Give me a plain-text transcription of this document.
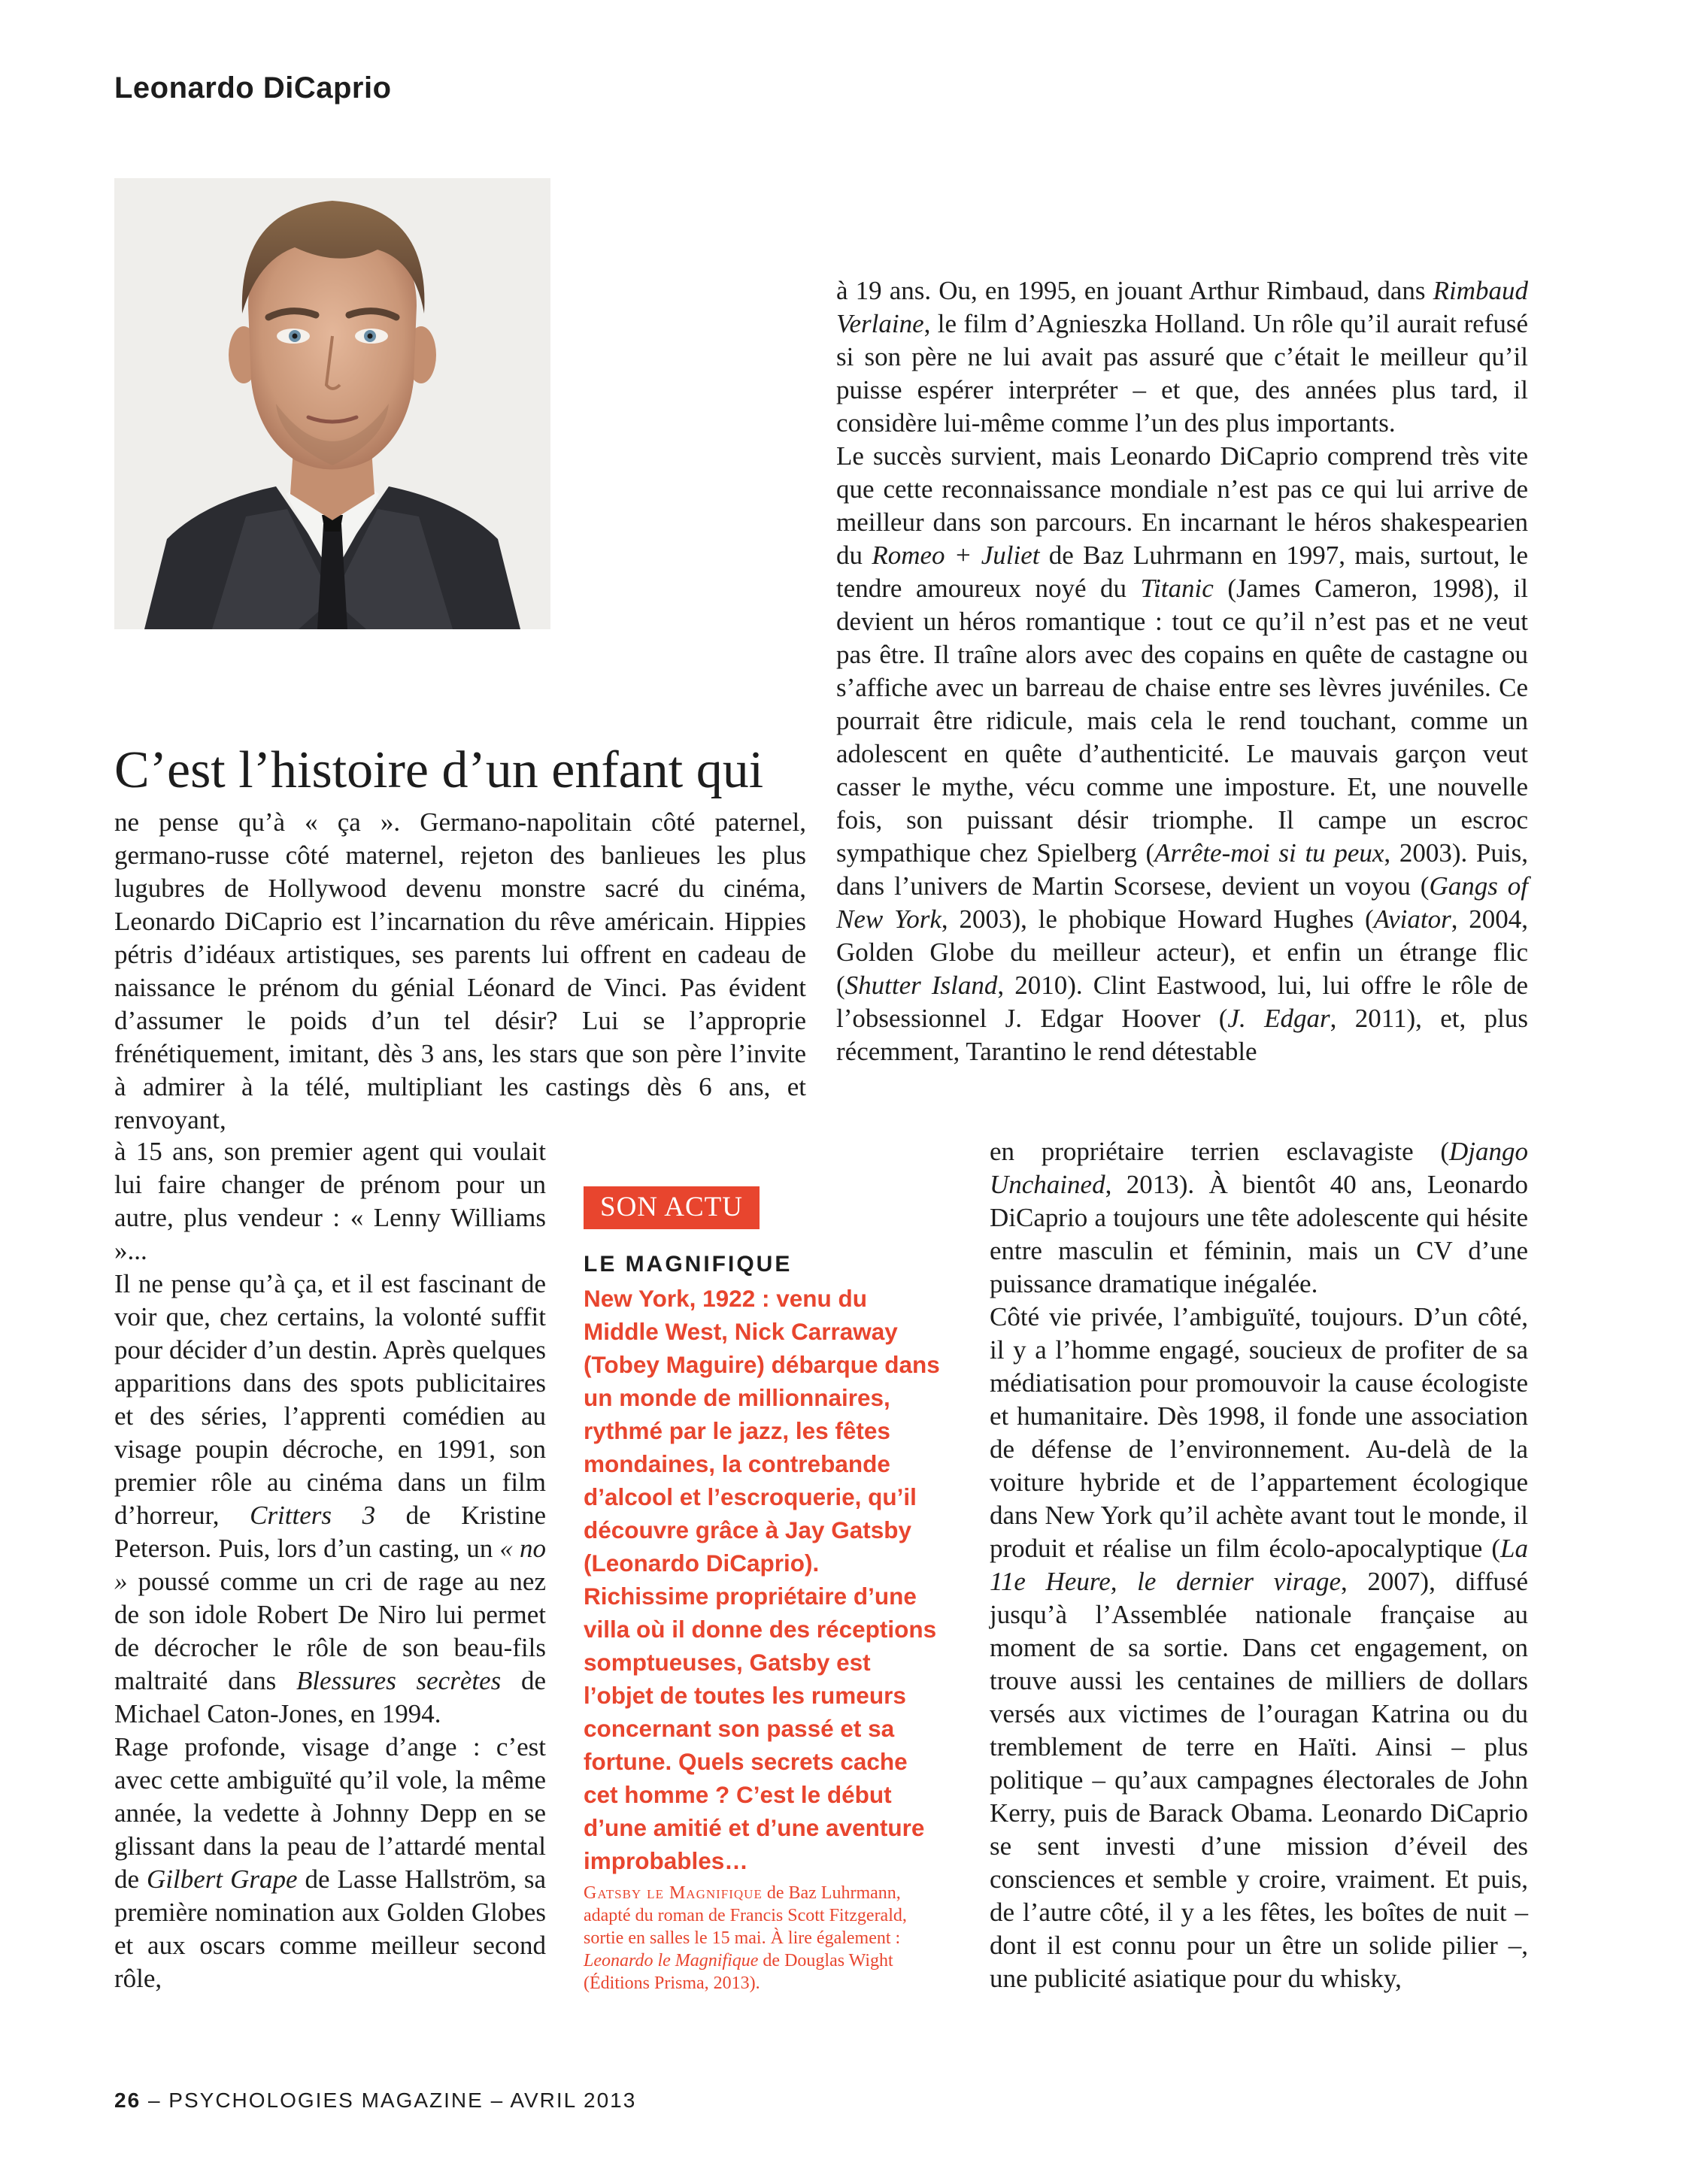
Leonardo DiCaprio
C’est l’histoire d’un enfant qui

ne pense qu’à « ça ». Germano-napolitain côté paternel, germano-russe côté maternel, rejeton des banlieues les plus lugubres de Hollywood devenu monstre sacré du cinéma, Leonardo DiCaprio est l’incarnation du rêve américain. Hippies pétris d’idéaux artistiques, ses parents lui offrent en cadeau de naissance le prénom du génial Léonard de Vinci. Pas évident d’assumer le poids d’un tel désir? Lui se l’approprie frénétiquement, imitant, dès 3 ans, les stars que son père l’invite à admirer à la télé, multipliant les castings dès 6 ans, et renvoyant,

à 15 ans, son premier agent qui voulait lui faire changer de prénom pour un autre, plus vendeur : « Lenny Williams »...

Il ne pense qu’à ça, et il est fascinant de voir que, chez certains, la volonté suffit pour décider d’un destin. Après quelques apparitions dans des spots publicitaires et des séries, l’apprenti comédien au visage poupin décroche, en 1991, son premier rôle au cinéma dans un film d’horreur, Critters 3 de Kristine Peterson. Puis, lors d’un casting, un « no » poussé comme un cri de rage au nez de son idole Robert De Niro lui permet de décrocher le rôle de son beau-fils maltraité dans Blessures secrètes de Michael Caton-Jones, en 1994.

Rage profonde, visage d’ange : c’est avec cette ambiguïté qu’il vole, la même année, la vedette à Johnny Depp en se glissant dans la peau de l’attardé mental de Gilbert Grape de Lasse Hallström, sa première nomination aux Golden Globes et aux oscars comme meilleur second rôle,

à 19 ans. Ou, en 1995, en jouant Arthur Rimbaud, dans Rimbaud Verlaine, le film d’Agnieszka Holland. Un rôle qu’il aurait refusé si son père ne lui avait pas assuré que c’était le meilleur qu’il puisse espérer interpréter – et que, des années plus tard, il considère lui-même comme l’un des plus importants.

Le succès survient, mais Leonardo DiCaprio comprend très vite que cette reconnaissance mondiale n’est pas ce qui lui arrive de meilleur dans son parcours. En incarnant le héros shakespearien du Romeo + Juliet de Baz Luhrmann en 1997, mais, surtout, le tendre amoureux noyé du Titanic (James Cameron, 1998), il devient un héros romantique : tout ce qu’il n’est pas et ne veut pas être. Il traîne alors avec des copains en quête de castagne ou s’affiche avec un barreau de chaise entre ses lèvres juvéniles. Ce pourrait être ridicule, mais cela le rend touchant, comme un adolescent en quête d’authenticité. Le mauvais garçon veut casser le mythe, vécu comme une imposture. Et, une nouvelle fois, son puissant désir triomphe. Il campe un escroc sympathique chez Spielberg (Arrête-moi si tu peux, 2003). Puis, dans l’univers de Martin Scorsese, devient un voyou (Gangs of New York, 2003), le phobique Howard Hughes (Aviator, 2004, Golden Globe du meilleur acteur), et enfin un étrange flic (Shutter Island, 2010). Clint Eastwood, lui, lui offre le rôle de l’obsessionnel J. Edgar Hoover (J. Edgar, 2011), et, plus récemment, Tarantino le rend détestable

en propriétaire terrien esclavagiste (Django Unchained, 2013). À bientôt 40 ans, Leonardo DiCaprio a toujours une tête adolescente qui hésite entre masculin et féminin, mais un CV d’une puissance dramatique inégalée.

Côté vie privée, l’ambiguïté, toujours. D’un côté, il y a l’homme engagé, soucieux de profiter de sa médiatisation pour promouvoir la cause écologiste et humanitaire. Dès 1998, il fonde une association de défense de l’environnement. Au-delà de la voiture hybride et de l’appartement écologique dans New York qu’il achète avant tout le monde, il produit et réalise un film écolo-apocalyptique (La 11e Heure, le dernier virage, 2007), diffusé jusqu’à l’Assemblée nationale française au moment de sa sortie. Dans cet engagement, on trouve aussi les centaines de milliers de dollars versés aux victimes de l’ouragan Katrina ou du tremblement de terre en Haïti. Ainsi – plus politique – qu’aux campagnes électorales de John Kerry, puis de Barack Obama. Leonardo DiCaprio se sent investi d’une mission d’éveil des consciences et semble y croire, vraiment. Et puis, de l’autre côté, il y a les fêtes, les boîtes de nuit – dont il est connu pour un être un solide pilier –, une publicité asiatique pour du whisky,

SON ACTU
LE MAGNIFIQUE
New York, 1922 : venu du Middle West, Nick Carraway (Tobey Maguire) débarque dans un monde de millionnaires, rythmé par le jazz, les fêtes mondaines, la contrebande d’alcool et l’escroquerie, qu’il découvre grâce à Jay Gatsby (Leonardo DiCaprio). Richissime propriétaire d’une villa où il donne des réceptions somptueuses, Gatsby est l’objet de toutes les rumeurs concernant son passé et sa fortune. Quels secrets cache cet homme ? C’est le début d’une amitié et d’une aventure improbables…
Gatsby le Magnifique de Baz Luhrmann, adapté du roman de Francis Scott Fitzgerald, sortie en salles le 15 mai. À lire également : Leonardo le Magnifique de Douglas Wight (Éditions Prisma, 2013).
26 – PSYCHOLOGIES MAGAZINE – AVRIL 2013
